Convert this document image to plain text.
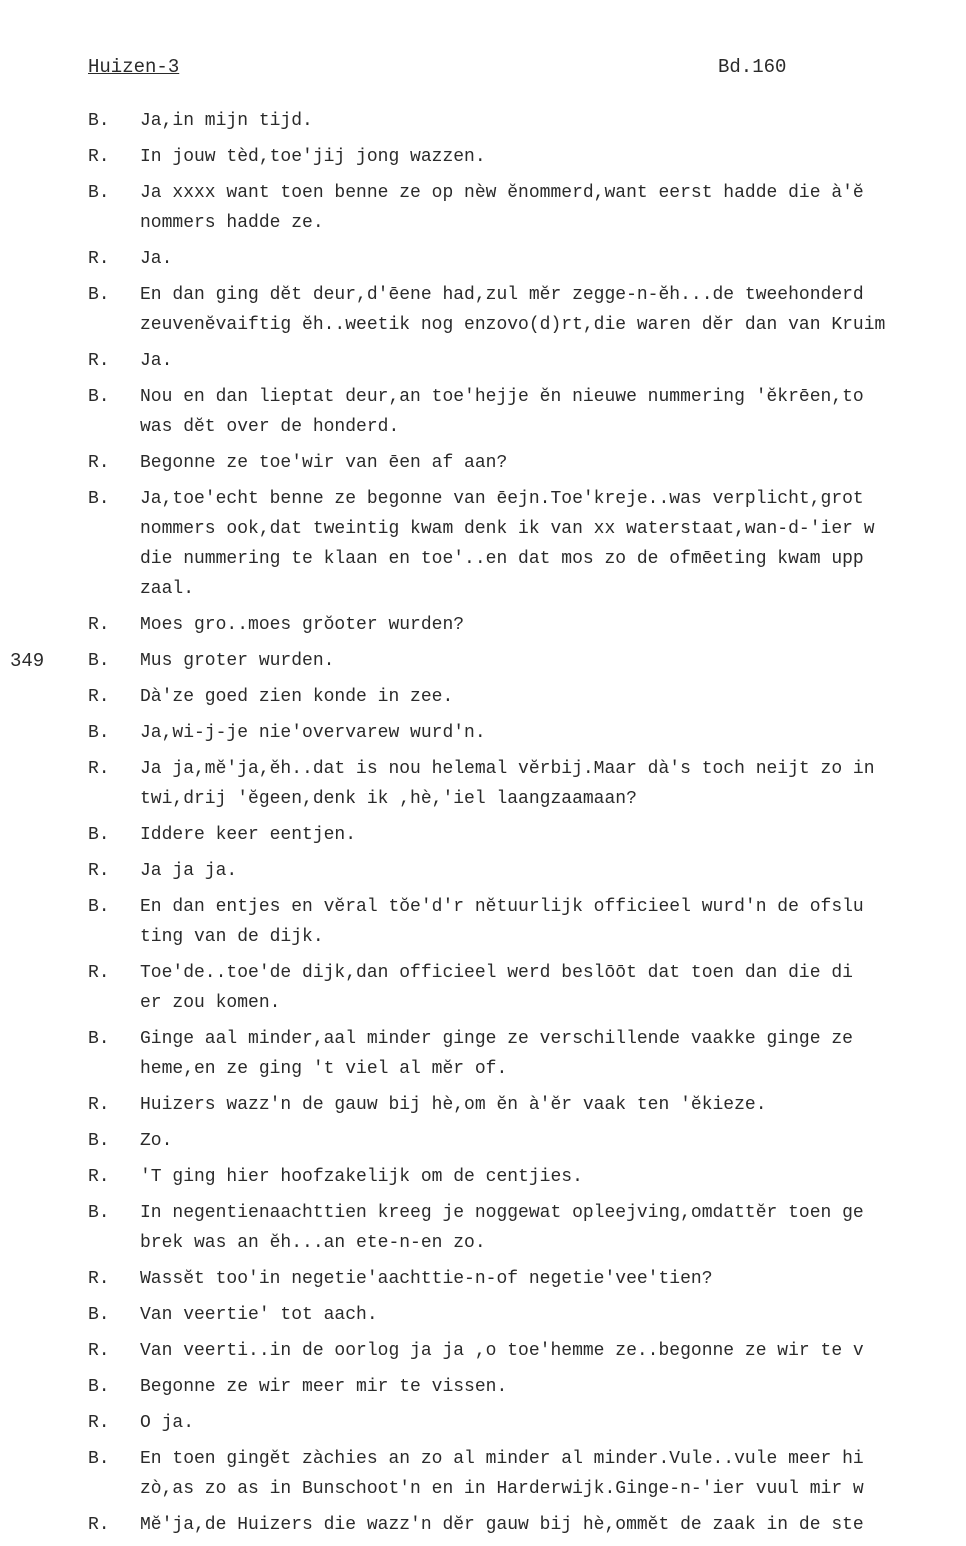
Huizen-3	Bd.160
349
B.	Ja,in mijn tijd.
R.	In jouw tèd,toe'jij jong wazzen.
B.	Ja xxxx want toen benne ze op nèw ĕnommerd,want eerst hadde die à'ĕ
nommers hadde ze.
R.	Ja.
B.	En dan ging dĕt deur,d'ēene had,zul mĕr zegge-n-ĕh...de tweehonderd
zeuvenĕvaiftig ĕh..weetik nog enzovo(d)rt,die waren dĕr dan van Kruim
R.	Ja.
B.	Nou en dan lieptat deur,an toe'hejje ĕn nieuwe nummering 'ĕkrēen,to
was dĕt over de honderd.
R.	Begonne ze toe'wir van ēen af aan?
B.	Ja,toe'echt benne ze begonne van ēejn.Toe'kreje..was verplicht,grot
nommers ook,dat tweintig kwam denk ik van xx waterstaat,wan-d-'ier w
die nummering te klaan en toe'..en dat mos zo de ofmēeting kwam upp
zaal.
R.	Moes gro..moes grŏoter wurden?
B.	Mus groter wurden.
R.	Dà'ze goed zien konde in zee.
B.	Ja,wi-j-je nie'overvarew wurd'n.
R.	Ja ja,mĕ'ja,ĕh..dat is nou helemal vĕrbij.Maar dà's toch neijt zo in
twi,drij 'ĕgeen,denk ik ,hè,'iel laangzaamaan?
B.	Iddere keer eentjen.
R.	Ja ja ja.
B.	En dan entjes en vĕral tŏe'd'r nĕtuurlijk officieel wurd'n de ofslu
ting van de dijk.
R.	Toe'de..toe'de dijk,dan officieel werd beslōōt dat toen dan die di
er zou komen.
B.	Ginge aal minder,aal minder ginge ze verschillende vaakke ginge ze
heme,en ze ging 't viel al mĕr of.
R.	Huizers wazz'n de gauw bij hè,om ĕn à'ĕr vaak ten 'ĕkieze.
B.	Zo.
R.	'T ging hier hoofzakelijk om de centjies.
B.	In negentienaachttien kreeg je noggewat opleejving,omdattĕr toen ge
brek was an ĕh...an ete-n-en zo.
R.	Wassĕt too'in negetie'aachttie-n-of negetie'vee'tien?
B.	Van veertie' tot aach.
R.	Van veerti..in de oorlog ja ja ,o toe'hemme ze..begonne ze wir te v
B.	Begonne ze wir meer mir te vissen.
R.	O ja.
B.	En toen gingĕt zàchies an zo al minder al minder.Vule..vule meer hi
zò,as zo as in Bunschoot'n en in Harderwijk.Ginge-n-'ier vuul mir w
R.	Mĕ'ja,de Huizers die wazz'n dĕr gauw bij hè,ommĕt de zaak in de ste
